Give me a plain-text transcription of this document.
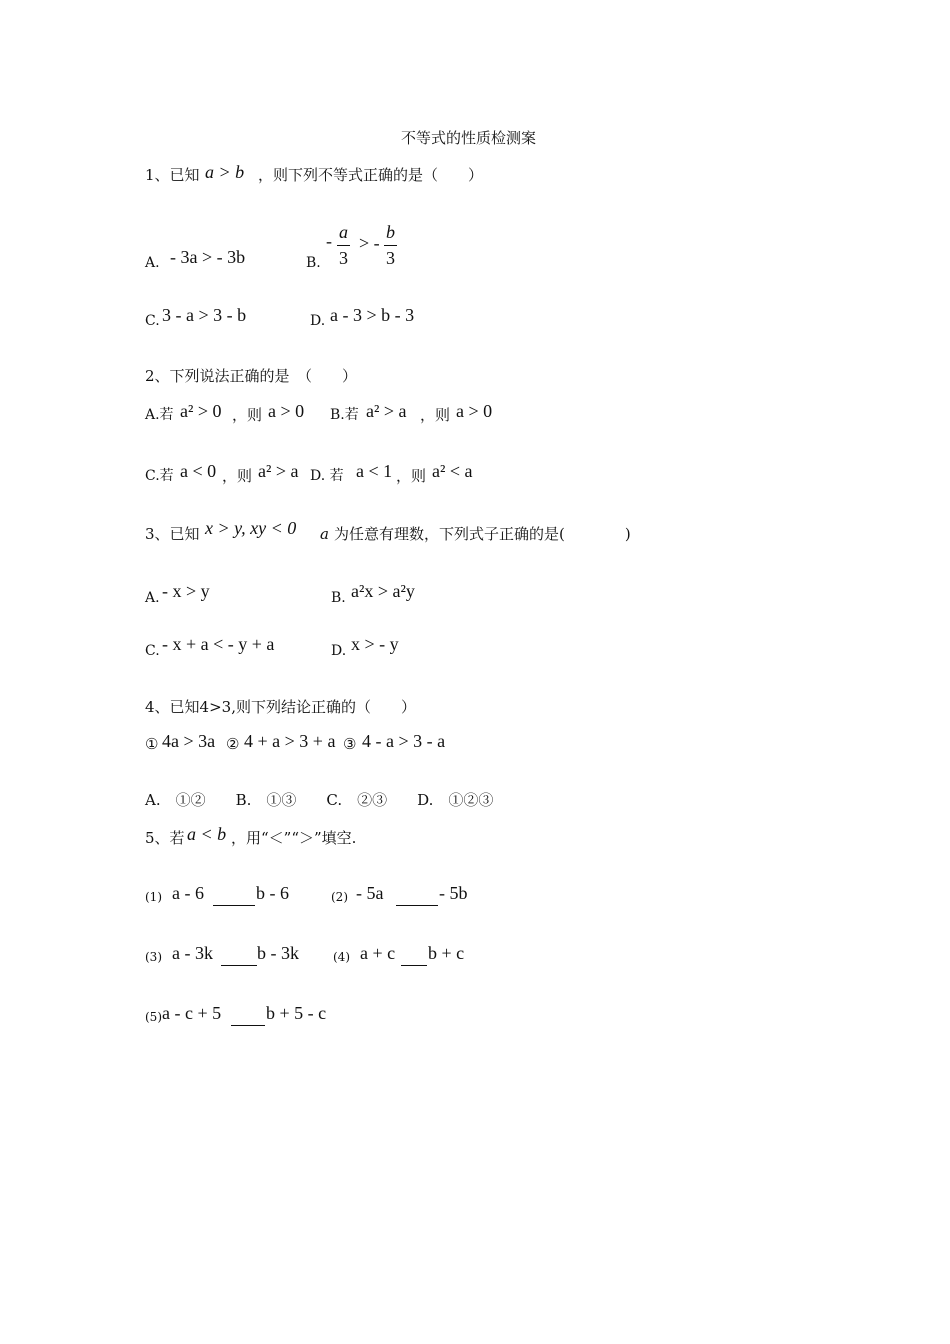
不等式的性质检测案
1、已知 a > b ，则下列不等式正确的是（　　）
A. - 3a > - 3b	B.
- $\frac{a}{3}$ > - $\frac{b}{3}$
C. 3 - a > 3 - b	D. a - 3 > b - 3
2、下列说法正确的是　（　　）
A.若 a² > 0 ，则 a > 0 B.若 a² > a ，则 a > 0
C.若 a < 0 ，则 a² > a D. 若 a < 1 ，则 a² < a
3、已知 x > y, xy < 0 a 为任意有理数，下列式子正确的是(　　　　)
A. - x > y	B. a²x > a²y
C. - x + a < - y + a	D. x > - y
4、已知4>3,则下列结论正确的（　　）
① 4a > 3a ② 4 + a > 3 + a ③ 4 - a > 3 - a
A.　①②　　B.　①③　　C.　②③　　D.　①②③
5、若 a < b ，用“＜”“＞”填空.
(1) a - 6	b - 6	(2) - 5a	- 5b
(3) a - 3k b - 3k	(4) a + c b + c
(5) a - c + 5 b + 5 - c
